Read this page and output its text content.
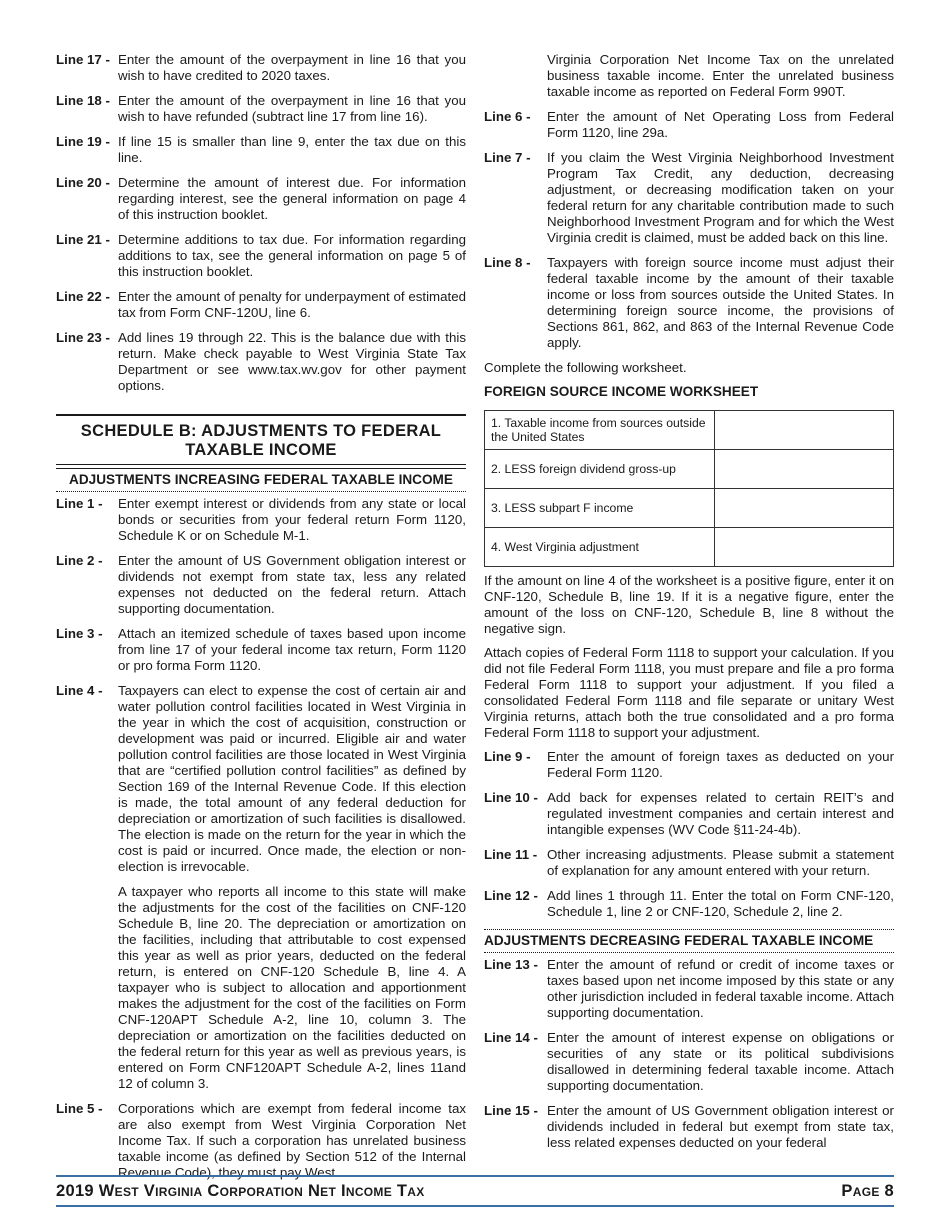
Line 17 - Enter the amount of the overpayment in line 16 that you wish to have credited to 2020 taxes.
Line 18 - Enter the amount of the overpayment in line 16 that you wish to have refunded (subtract line 17 from line 16).
Line 19 - If line 15 is smaller than line 9, enter the tax due on this line.
Line 20 - Determine the amount of interest due. For information regarding interest, see the general information on page 4 of this instruction booklet.
Line 21 - Determine additions to tax due. For information regarding additions to tax, see the general information on page 5 of this instruction booklet.
Line 22 - Enter the amount of penalty for underpayment of estimated tax from Form CNF-120U, line 6.
Line 23 - Add lines 19 through 22. This is the balance due with this return. Make check payable to West Virginia State Tax Department or see www.tax.wv.gov for other payment options.
SCHEDULE B: ADJUSTMENTS TO FEDERAL TAXABLE INCOME
ADJUSTMENTS INCREASING FEDERAL TAXABLE INCOME
Line 1 -	Enter exempt interest or dividends from any state or local bonds or securities from your federal return Form 1120, Schedule K or on Schedule M-1.
Line 2 -	Enter the amount of US Government obligation interest or dividends not exempt from state tax, less any related expenses not deducted on the federal return. Attach supporting documentation.
Line 3 -	Attach an itemized schedule of taxes based upon income from line 17 of your federal income tax return, Form 1120 or pro forma Form 1120.
Line 4 -	Taxpayers can elect to expense the cost of certain air and water pollution control facilities located in West Virginia in the year in which the cost of acquisition, construction or development was paid or incurred. Eligible air and water pollution control facilities are those located in West Virginia that are “certified pollution control facilities” as defined by Section 169 of the Internal Revenue Code. If this election is made, the total amount of any federal deduction for depreciation or amortization of such facilities is disallowed. The election is made on the return for the year in which the cost is paid or incurred. Once made, the election or non-election is irrevocable.
A taxpayer who reports all income to this state will make the adjustments for the cost of the facilities on CNF-120 Schedule B, line 20. The depreciation or amortization on the facilities, including that attributable to cost expensed this year as well as prior years, deducted on the federal return, is entered on CNF-120 Schedule B, line 4. A taxpayer who is subject to allocation and apportionment makes the adjustment for the cost of the facilities on Form CNF-120APT Schedule A-2, line 10, column 3. The depreciation or amortization on the facilities deducted on the federal return for this year as well as previous years, is entered on Form CNF120APT Schedule A-2, lines 11and 12 of column 3.
Line 5 -	Corporations which are exempt from federal income tax are also exempt from West Virginia Corporation Net Income Tax. If such a corporation has unrelated business taxable income (as defined by Section 512 of the Internal Revenue Code), they must pay West
Virginia Corporation Net Income Tax on the unrelated business taxable income. Enter the unrelated business taxable income as reported on Federal Form 990T.
Line 6 -	Enter the amount of Net Operating Loss from Federal Form 1120, line 29a.
Line 7 -	If you claim the West Virginia Neighborhood Investment Program Tax Credit, any deduction, decreasing adjustment, or decreasing modification taken on your federal return for any charitable contribution made to such Neighborhood Investment Program and for which the West Virginia credit is claimed, must be added back on this line.
Line 8 -	Taxpayers with foreign source income must adjust their federal taxable income by the amount of their taxable income or loss from sources outside the United States. In determining foreign source income, the provisions of Sections 861, 862, and 863 of the Internal Revenue Code apply.
Complete the following worksheet.
FOREIGN SOURCE INCOME WORKSHEET
1. Taxable income from sources outside the United States	
2. LESS foreign dividend gross-up	
3. LESS subpart F income	
4. West Virginia adjustment	
If the amount on line 4 of the worksheet is a positive figure, enter it on CNF-120, Schedule B, line 19. If it is a negative figure, enter the amount of the loss on CNF-120, Schedule B, line 8 without the negative sign.
Attach copies of Federal Form 1118 to support your calculation. If you did not file Federal Form 1118, you must prepare and file a pro forma Federal Form 1118 to support your adjustment. If you filed a consolidated Federal Form 1118 and file separate or unitary West Virginia returns, attach both the true consolidated and a pro forma Federal Form 1118 to support your adjustment.
Line 9 -	Enter the amount of foreign taxes as deducted on your Federal Form 1120.
Line 10 - Add back for expenses related to certain REIT’s and regulated investment companies and certain interest and intangible expenses (WV Code §11-24-4b).
Line 11 - Other increasing adjustments. Please submit a statement of explanation for any amount entered with your return.
Line 12 - Add lines 1 through 11. Enter the total on Form CNF-120, Schedule 1, line 2 or CNF-120, Schedule 2, line 2.
ADJUSTMENTS DECREASING FEDERAL TAXABLE INCOME
Line 13 - Enter the amount of refund or credit of income taxes or taxes based upon net income imposed by this state or any other jurisdiction included in federal taxable income. Attach supporting documentation.
Line 14 - Enter the amount of interest expense on obligations or securities of any state or its political subdivisions disallowed in determining federal taxable income. Attach supporting documentation.
Line 15 - Enter the amount of US Government obligation interest or dividends included in federal but exempt from state tax, less related expenses deducted on your federal
2019 West Virginia Corporation Net Income Tax	Page 8
